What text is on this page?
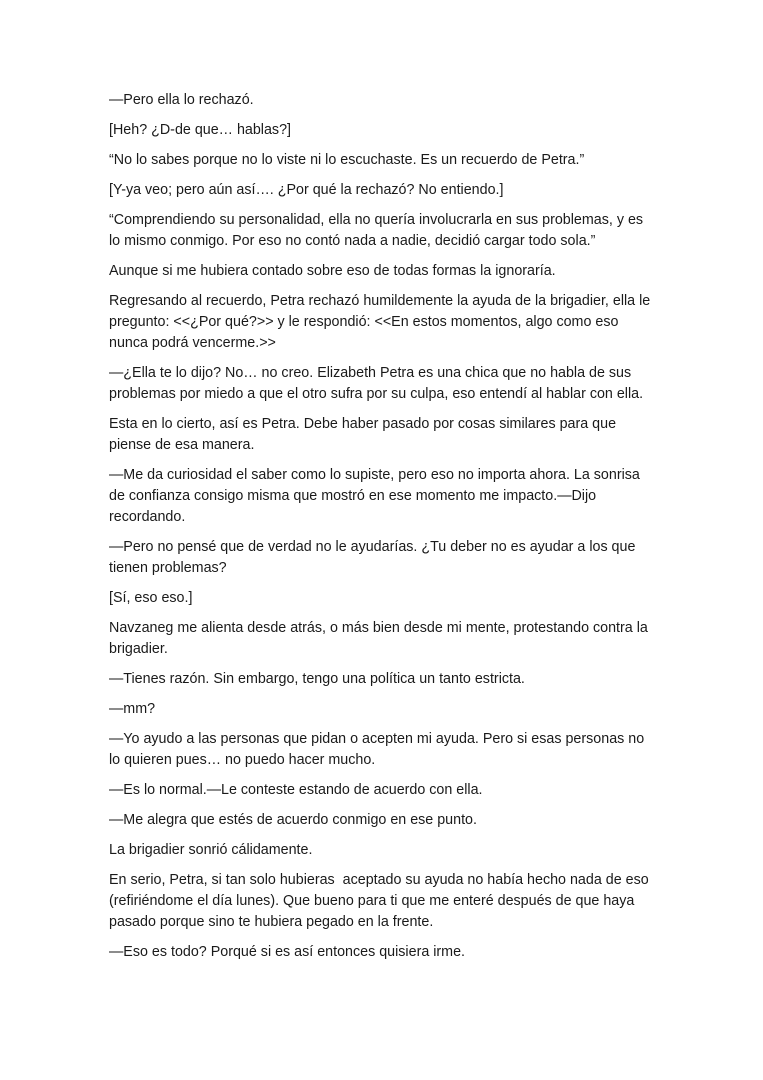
—Pero ella lo rechazó.

[Heh? ¿D-de que… hablas?]

“No lo sabes porque no lo viste ni lo escuchaste. Es un recuerdo de Petra.”

[Y-ya veo; pero aún así…. ¿Por qué la rechazó? No entiendo.]

“Comprendiendo su personalidad, ella no quería involucrarla en sus problemas, y es lo mismo conmigo. Por eso no contó nada a nadie, decidió cargar todo sola.”

Aunque si me hubiera contado sobre eso de todas formas la ignoraría.

Regresando al recuerdo, Petra rechazó humildemente la ayuda de la brigadier, ella le pregunto: <<¿Por qué?>> y le respondió: <<En estos momentos, algo como eso nunca podrá vencerme.>>

—¿Ella te lo dijo? No… no creo. Elizabeth Petra es una chica que no habla de sus problemas por miedo a que el otro sufra por su culpa, eso entendí al hablar con ella.

Esta en lo cierto, así es Petra. Debe haber pasado por cosas similares para que piense de esa manera.

—Me da curiosidad el saber como lo supiste, pero eso no importa ahora. La sonrisa de confianza consigo misma que mostró en ese momento me impacto.—Dijo recordando.

—Pero no pensé que de verdad no le ayudarías. ¿Tu deber no es ayudar a los que tienen problemas?

[Sí, eso eso.]

Navzaneg me alienta desde atrás, o más bien desde mi mente, protestando contra la brigadier.

—Tienes razón. Sin embargo, tengo una política un tanto estricta.

—mm?

—Yo ayudo a las personas que pidan o acepten mi ayuda. Pero si esas personas no lo quieren pues… no puedo hacer mucho.

—Es lo normal.—Le conteste estando de acuerdo con ella.

—Me alegra que estés de acuerdo conmigo en ese punto.

La brigadier sonrió cálidamente.

En serio, Petra, si tan solo hubieras  aceptado su ayuda no había hecho nada de eso (refiriéndome el día lunes). Que bueno para ti que me enteré después de que haya pasado porque sino te hubiera pegado en la frente.

—Eso es todo? Porqué si es así entonces quisiera irme.
